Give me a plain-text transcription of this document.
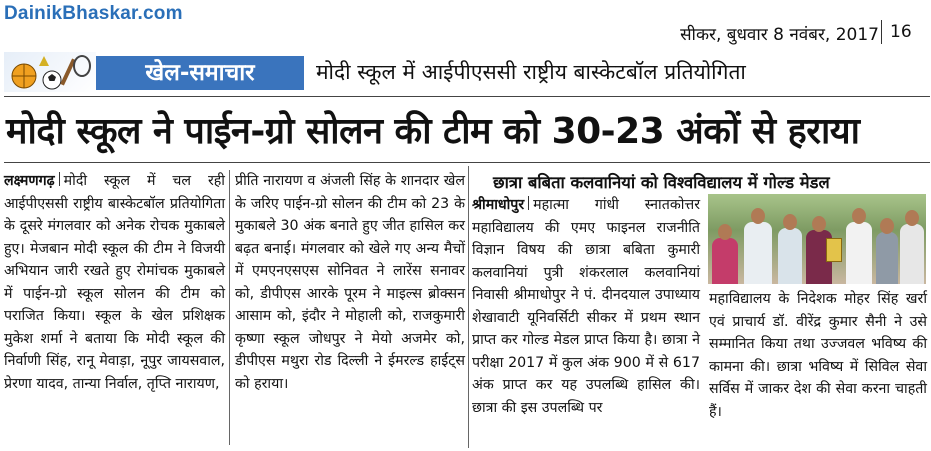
DainikBhaskar.com
सीकर, बुधवार 8 नवंबर, 2017 16
खेल-समाचार	मोदी स्कूल में आईपीएससी राष्ट्रीय बास्केटबॉल प्रतियोगिता
मोदी स्कूल ने पाईन-ग्रो सोलन की टीम को 30-23 अंकों से हराया
लक्ष्मणगढ़ मोदी स्कूल में चल रही आईपीएससी राष्ट्रीय बास्केटबॉल प्रतियोगिता के दूसरे मंगलवार को अनेक रोचक मुकाबले हुए। मेजबान मोदी स्कूल की टीम ने विजयी अभियान जारी रखते हुए रोमांचक मुकाबले में पाईन-ग्रो स्कूल सोलन की टीम को पराजित किया। स्कूल के खेल प्रशिक्षक मुकेश शर्मा ने बताया कि मोदी स्कूल की निर्वाणी सिंह, रानू मेवाड़ा, नूपुर जायसवाल, प्रेरणा यादव, तान्या निर्वाल, तृप्ति नारायण,
प्रीति नारायण व अंजली सिंह के शानदार खेल के जरिए पाईन-ग्रो सोलन की टीम को 23 के मुकाबले 30 अंक बनाते हुए जीत हासिल कर बढ़त बनाई। मंगलवार को खेले गए अन्य मैचों में एमएनएसएस सोनिवत ने लारेंस सनावर को, डीपीएस आरके पूरम ने माइल्स ब्रोक्सन आसाम को, इंदौर ने मोहाली को, राजकुमारी कृष्णा स्कूल जोधपुर ने मेयो अजमेर को, डीपीएस मथुरा रोड दिल्ली ने ईमरल्ड हाईट्स को हराया।
छात्रा बबिता कलवानियां को विश्वविद्यालय में गोल्ड मेडल
श्रीमाधोपुर महात्मा गांधी स्नातकोत्तर महाविद्यालय की एमए फाइनल राजनीति विज्ञान विषय की छात्रा बबिता कुमारी कलवानियां पुत्री शंकरलाल कलवानियां निवासी श्रीमाधोपुर ने पं. दीनदयाल उपाध्याय शेखावाटी यूनिवर्सिटी सीकर में प्रथम स्थान प्राप्त कर गोल्ड मेडल प्राप्त किया है। छात्रा ने परीक्षा 2017 में कुल अंक 900 में से 617 अंक प्राप्त कर यह उपलब्धि हासिल की। छात्रा की इस उपलब्धि पर
महाविद्यालय के निदेशक मोहर सिंह खर्रा एवं प्राचार्य डॉ. वीरेंद्र कुमार सैनी ने उसे सम्मानित किया तथा उज्जवल भविष्य की कामना की। छात्रा भविष्य में सिविल सेवा सर्विस में जाकर देश की सेवा करना चाहती हैं।
